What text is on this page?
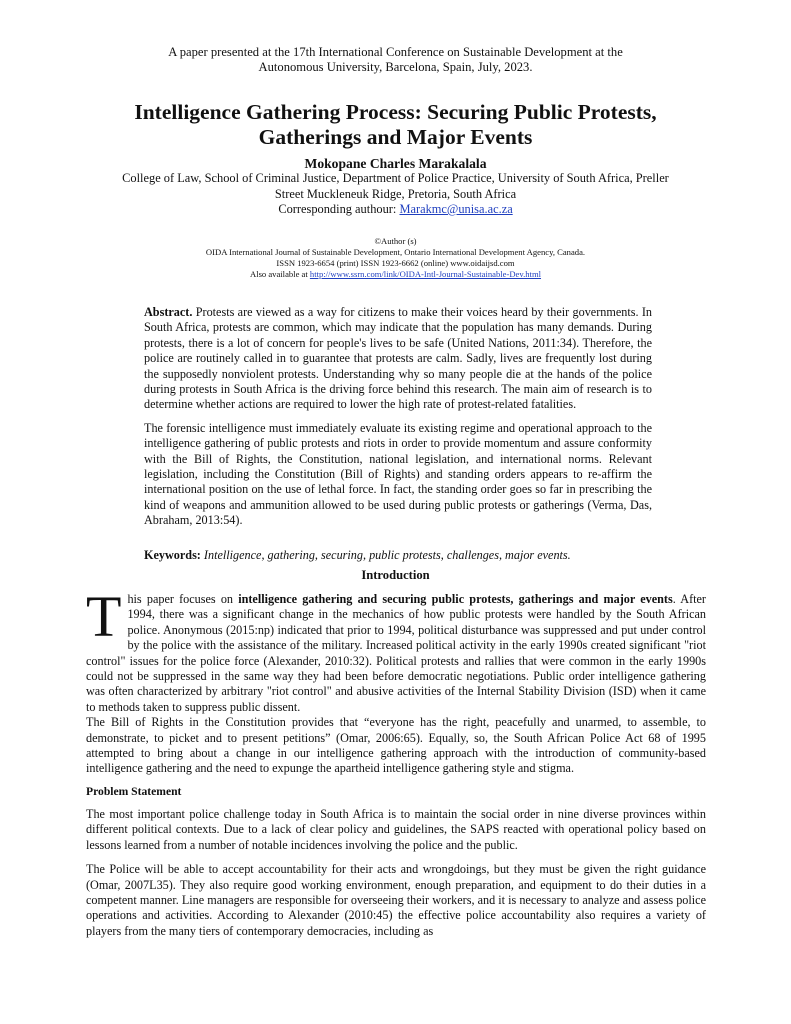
A paper presented at the 17th International Conference on Sustainable Development at the
Autonomous University, Barcelona, Spain, July, 2023.
Intelligence Gathering Process: Securing Public Protests,
Gatherings and Major Events
Mokopane Charles Marakalala
College of Law, School of Criminal Justice, Department of Police Practice, University of South Africa, Preller
Street Muckleneuk Ridge, Pretoria, South Africa
Corresponding authour: Marakmc@unisa.ac.za
©Author (s)
OIDA International Journal of Sustainable Development, Ontario International Development Agency, Canada.
ISSN 1923-6654 (print) ISSN 1923-6662 (online) www.oidaijsd.com
Also available at http://www.ssrn.com/link/OIDA-Intl-Journal-Sustainable-Dev.html

Abstract. Protests are viewed as a way for citizens to make their voices heard by their governments. In South Africa, protests are common, which may indicate that the population has many demands. During protests, there is a lot of concern for people's lives to be safe (United Nations, 2011:34). Therefore, the police are routinely called in to guarantee that protests are calm. Sadly, lives are frequently lost during the supposedly nonviolent protests. Understanding why so many people die at the hands of the police during protests in South Africa is the driving force behind this research. The main aim of research is to determine whether actions are required to lower the high rate of protest-related fatalities.

The forensic intelligence must immediately evaluate its existing regime and operational approach to the intelligence gathering of public protests and riots in order to provide momentum and assure conformity with the Bill of Rights, the Constitution, national legislation, and international norms. Relevant legislation, including the Constitution (Bill of Rights) and standing orders appears to re-affirm the international position on the use of lethal force. In fact, the standing order goes so far in prescribing the kind of weapons and ammunition allowed to be used during public protests or gatherings (Verma, Das, Abraham, 2013:54).

Keywords: Intelligence, gathering, securing, public protests, challenges, major events.
Introduction

This paper focuses on intelligence gathering and securing public protests, gatherings and major events. After 1994, there was a significant change in the mechanics of how public protests were handled by the South African police. Anonymous (2015:np) indicated that prior to 1994, political disturbance was suppressed and put under control by the police with the assistance of the military. Increased political activity in the early 1990s created significant "riot control" issues for the police force (Alexander, 2010:32). Political protests and rallies that were common in the early 1990s could not be suppressed in the same way they had been before democratic negotiations. Public order intelligence gathering was often characterized by arbitrary "riot control" and abusive activities of the Internal Stability Division (ISD) when it came to methods taken to suppress public dissent.

The Bill of Rights in the Constitution provides that “everyone has the right, peacefully and unarmed, to assemble, to demonstrate, to picket and to present petitions” (Omar, 2006:65). Equally, so, the South African Police Act 68 of 1995 attempted to bring about a change in our intelligence gathering approach with the introduction of community-based intelligence gathering and the need to expunge the apartheid intelligence gathering style and stigma.

Problem Statement

The most important police challenge today in South Africa is to maintain the social order in nine diverse provinces within different political contexts. Due to a lack of clear policy and guidelines, the SAPS reacted with operational policy based on lessons learned from a number of notable incidences involving the police and the public.

The Police will be able to accept accountability for their acts and wrongdoings, but they must be given the right guidance (Omar, 2007L35). They also require good working environment, enough preparation, and equipment to do their duties in a competent manner. Line managers are responsible for overseeing their workers, and it is necessary to analyze and assess police operations and activities. According to Alexander (2010:45) the effective police accountability also requires a variety of players from the many tiers of contemporary democracies, including as
